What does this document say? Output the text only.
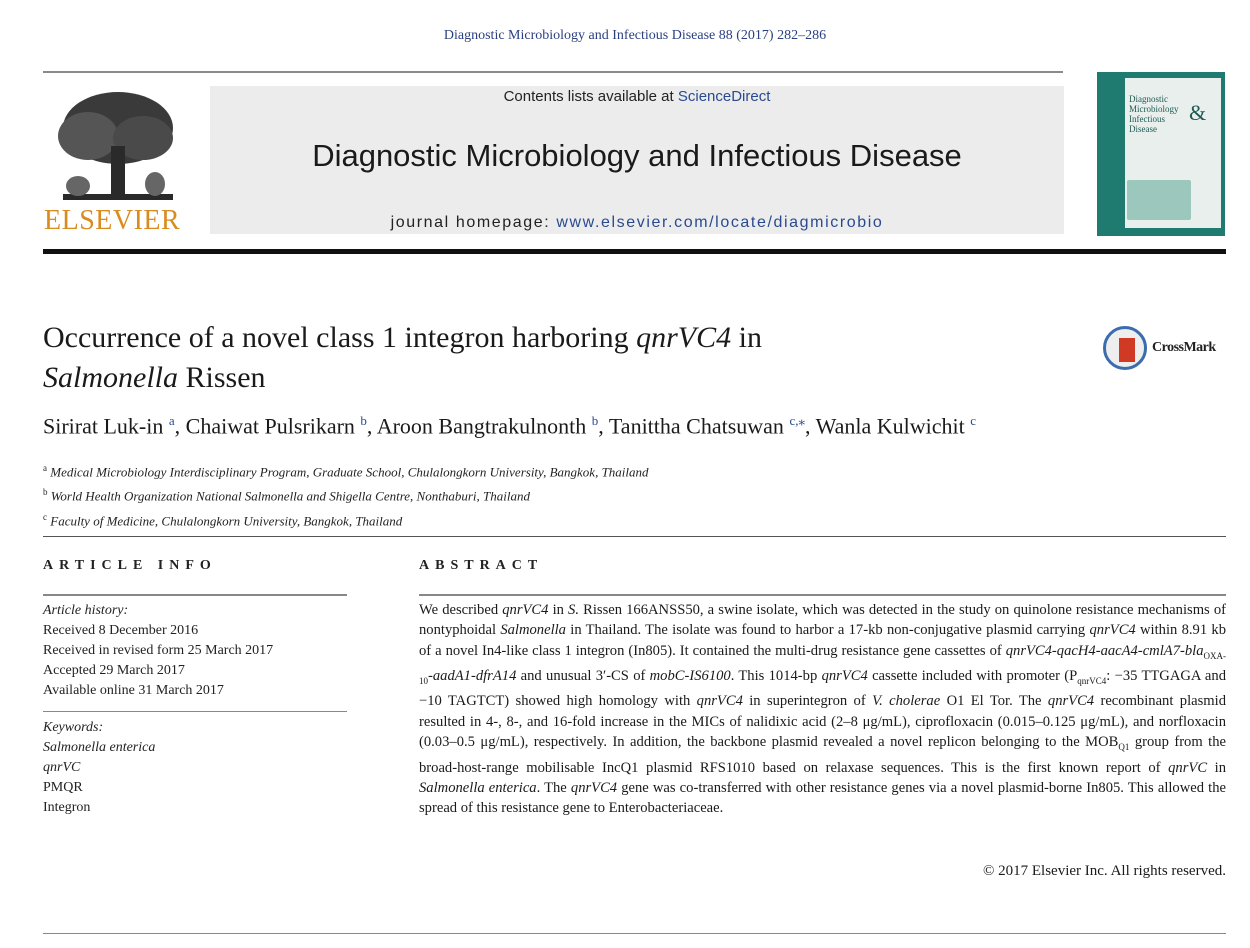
Diagnostic Microbiology and Infectious Disease 88 (2017) 282–286
ELSEVIER
Contents lists available at ScienceDirect
Diagnostic Microbiology and Infectious Disease
journal homepage: www.elsevier.com/locate/diagmicrobio
Diagnostic Microbiology Infectious Disease
&
Occurrence of a novel class 1 integron harboring qnrVC4 in
Salmonella Rissen
CrossMark
Sirirat Luk-in $^a$, Chaiwat Pulsrikarn $^b$, Aroon Bangtrakulnonth $^b$, Tanittha Chatsuwan $^{c,⁎}$, Wanla Kulwichit $^c$
$^a$ Medical Microbiology Interdisciplinary Program, Graduate School, Chulalongkorn University, Bangkok, Thailand
$^b$ World Health Organization National Salmonella and Shigella Centre, Nonthaburi, Thailand
$^c$ Faculty of Medicine, Chulalongkorn University, Bangkok, Thailand
ARTICLE INFO	ABSTRACT
Article history:
Received 8 December 2016
Received in revised form 25 March 2017
Accepted 29 March 2017
Available online 31 March 2017
Keywords:
Salmonella enterica
qnrVC
PMQR
Integron
We described qnrVC4 in S. Rissen 166ANSS50, a swine isolate, which was detected in the study on quinolone resistance mechanisms of nontyphoidal Salmonella in Thailand. The isolate was found to harbor a 17-kb non-conjugative plasmid carrying qnrVC4 within 8.91 kb of a novel In4-like class 1 integron (In805). It contained the multi-drug resistance gene cassettes of qnrVC4-qacH4-aacA4-cmlA7-bla$_{OXA-10}$-aadA1-dfrA14 and unusual 3′-CS of mobC-IS6100. This 1014-bp qnrVC4 cassette included with promoter ($P_{qnrVC4}$: −35 TTGAGA and −10 TAGTCT) showed high homology with qnrVC4 in superintegron of V. cholerae O1 El Tor. The qnrVC4 recombinant plasmid resulted in 4-, 8-, and 16-fold increase in the MICs of nalidixic acid (2–8 μg/mL), ciprofloxacin (0.015–0.125 μg/mL), and norfloxacin (0.03–0.5 μg/mL), respectively. In addition, the backbone plasmid revealed a novel replicon belonging to the $MOB_{Q1}$ group from the broad-host-range mobilisable IncQ1 plasmid RFS1010 based on relaxase sequences. This is the first known report of qnrVC in Salmonella enterica. The qnrVC4 gene was co-transferred with other resistance genes via a novel plasmid-borne In805. This allowed the spread of this resistance gene to Enterobacteriaceae.
© 2017 Elsevier Inc. All rights reserved.
